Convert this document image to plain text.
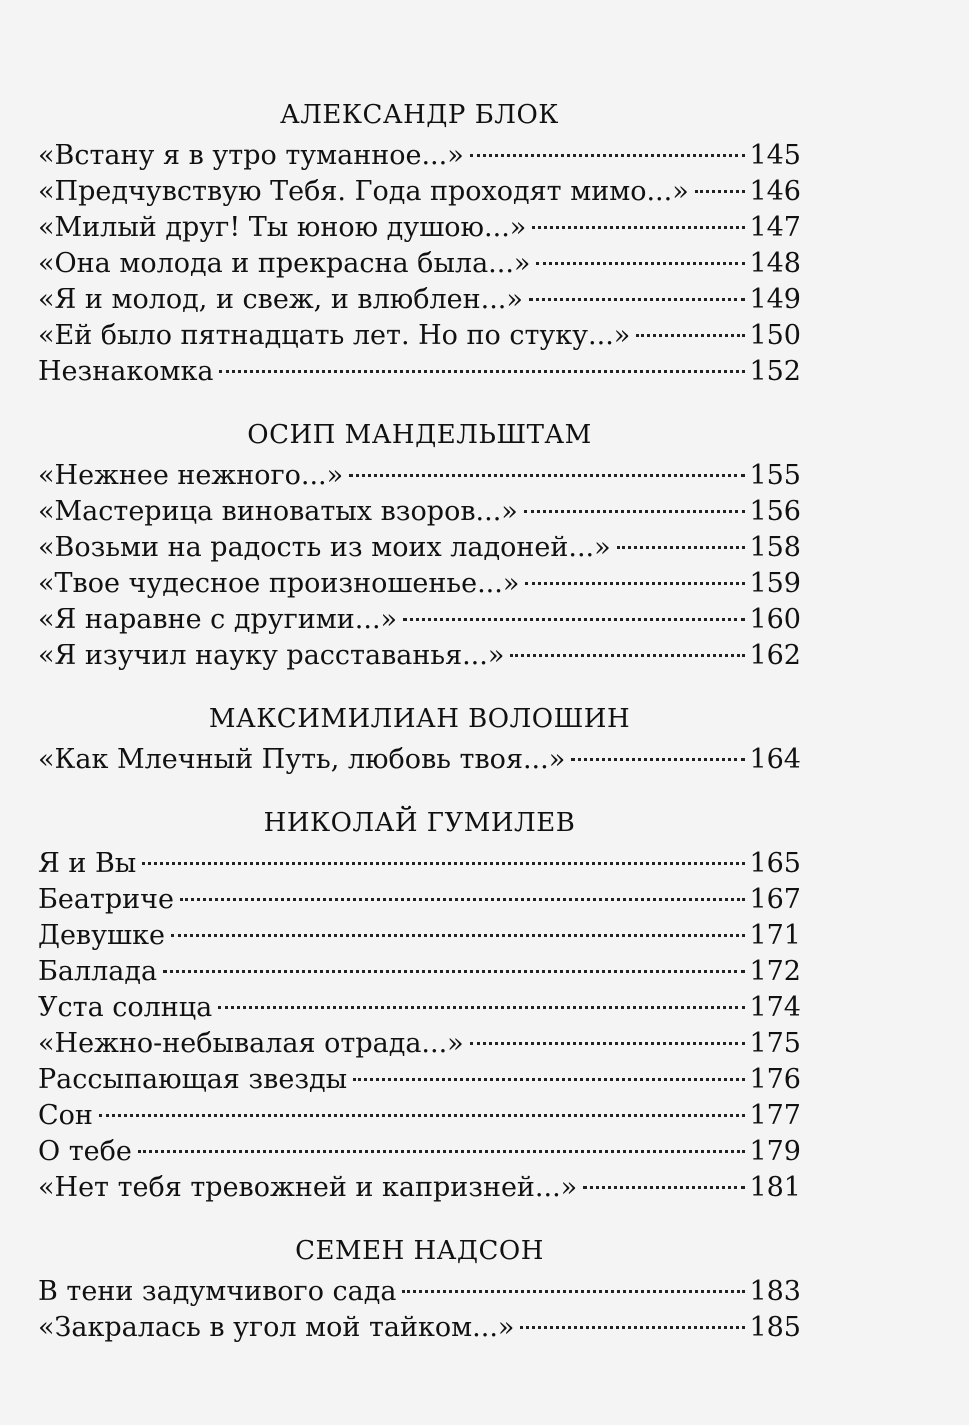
АЛЕКСАНДР БЛОК
«Встану я в утро туманное...»	145
«Предчувствую Тебя. Года проходят мимо...» 146
«Милый друг! Ты юною душою...»	147
«Она молода и прекрасна была...»	148
«Я и молод, и свеж, и влюблен...»	149
«Ей было пятнадцать лет. Но по стуку...»	150
Незнакомка	152
ОСИП МАНДЕЛЬШТАМ
«Нежнее нежного...»	155
«Мастерица виноватых взоров...»	156
«Возьми на радость из моих ладоней...»	158
«Твое чудесное произношенье...»	159
«Я наравне с другими...»	160
«Я изучил науку расставанья...»	162
МАКСИМИЛИАН ВОЛОШИН
«Как Млечный Путь, любовь твоя...»	164
НИКОЛАЙ ГУМИЛЕВ
Я и Вы	165
Беатриче	167
Девушке	171
Баллада	172
Уста солнца	174
«Нежно-небывалая отрада...»	175
Рассыпающая звезды	176
Сон	177
О тебе	179
«Нет тебя тревожней и капризней...»	181
СЕМЕН НАДСОН
В тени задумчивого сада	183
«Закралась в угол мой тайком...»	185
